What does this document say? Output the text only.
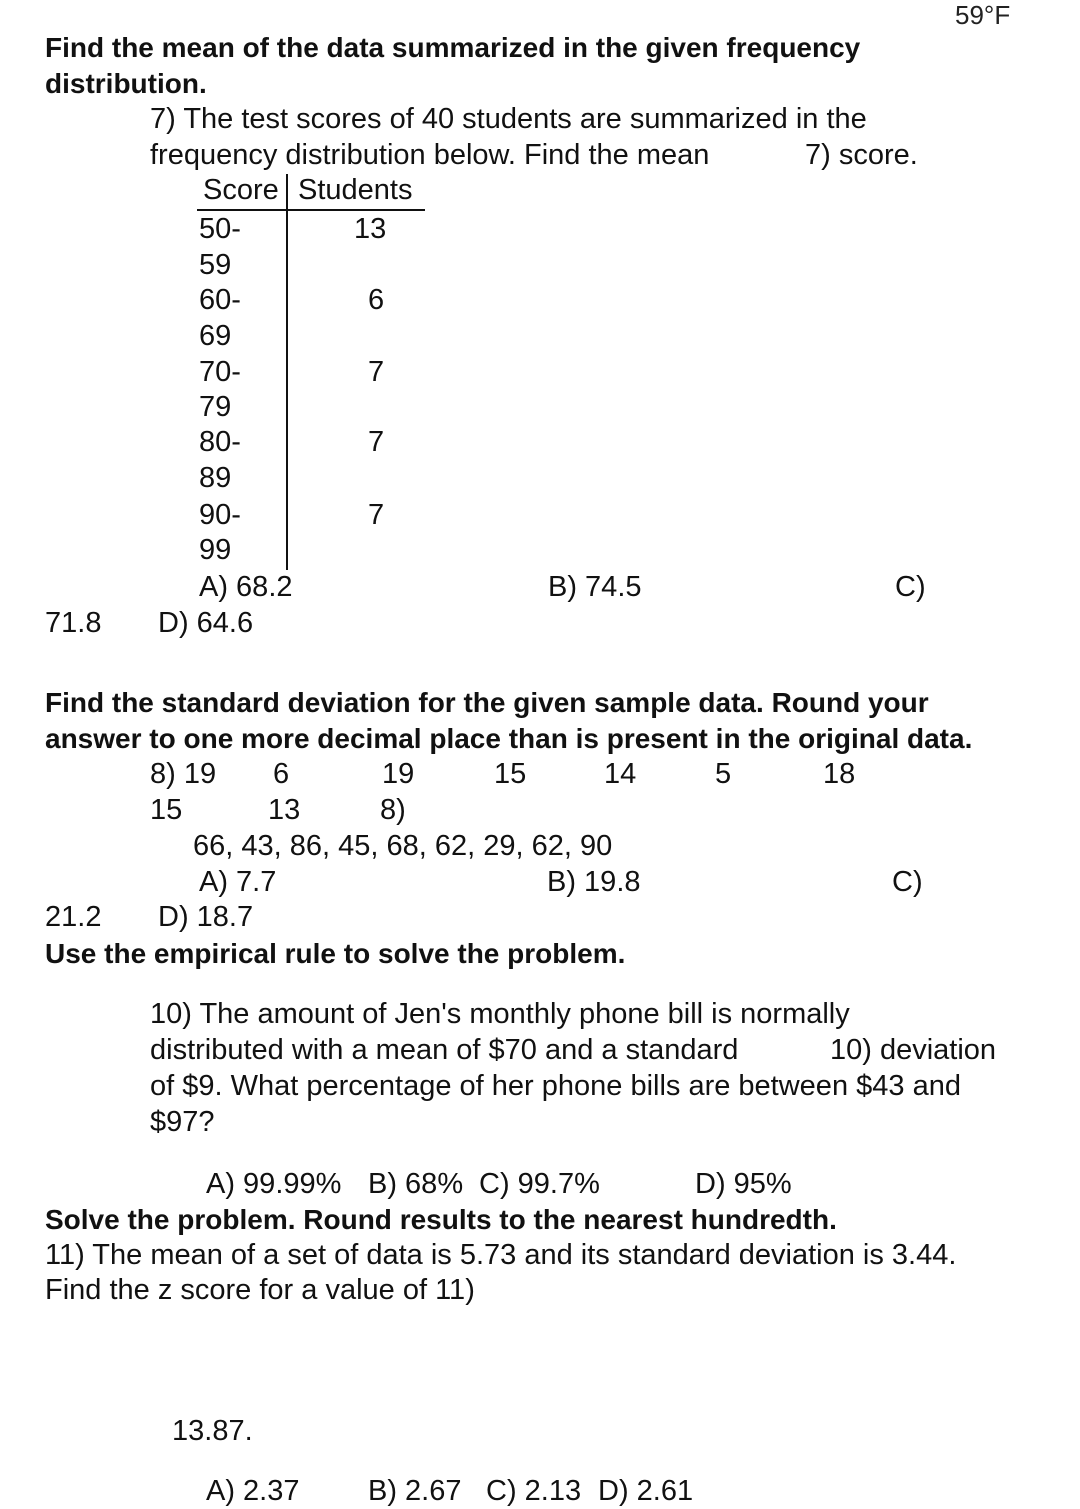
59°F
Find the mean of the data summarized in the given frequency
distribution.
7) The test scores of 40 students are summarized in the
frequency distribution below. Find the mean	7) score.
Score Students
50-
59
13
60-
69
6
70-
79
7
80-
89
7
90-
99
7
A) 68.2	B) 74.5	C)
71.8 D) 64.6
Find the standard deviation for the given sample data. Round your
answer to one more decimal place than is present in the original data.
8) 19 6	19	15	14	5	18
15	13	8)
66, 43, 86, 45, 68, 62, 29, 62, 90
A) 7.7	B) 19.8	C)
21.2 D) 18.7
Use the empirical rule to solve the problem.
10) The amount of Jen's monthly phone bill is normally
distributed with a mean of $70 and a standard	10) deviation
of $9. What percentage of her phone bills are between $43 and
$97?
A) 99.99% B) 68% C) 99.7%	D) 95%
Solve the problem. Round results to the nearest hundredth.
11) The mean of a set of data is 5.73 and its standard deviation is 3.44.
Find the z score for a value of 11)
13.87.
A) 2.37 B) 2.67 C) 2.13 D) 2.61
